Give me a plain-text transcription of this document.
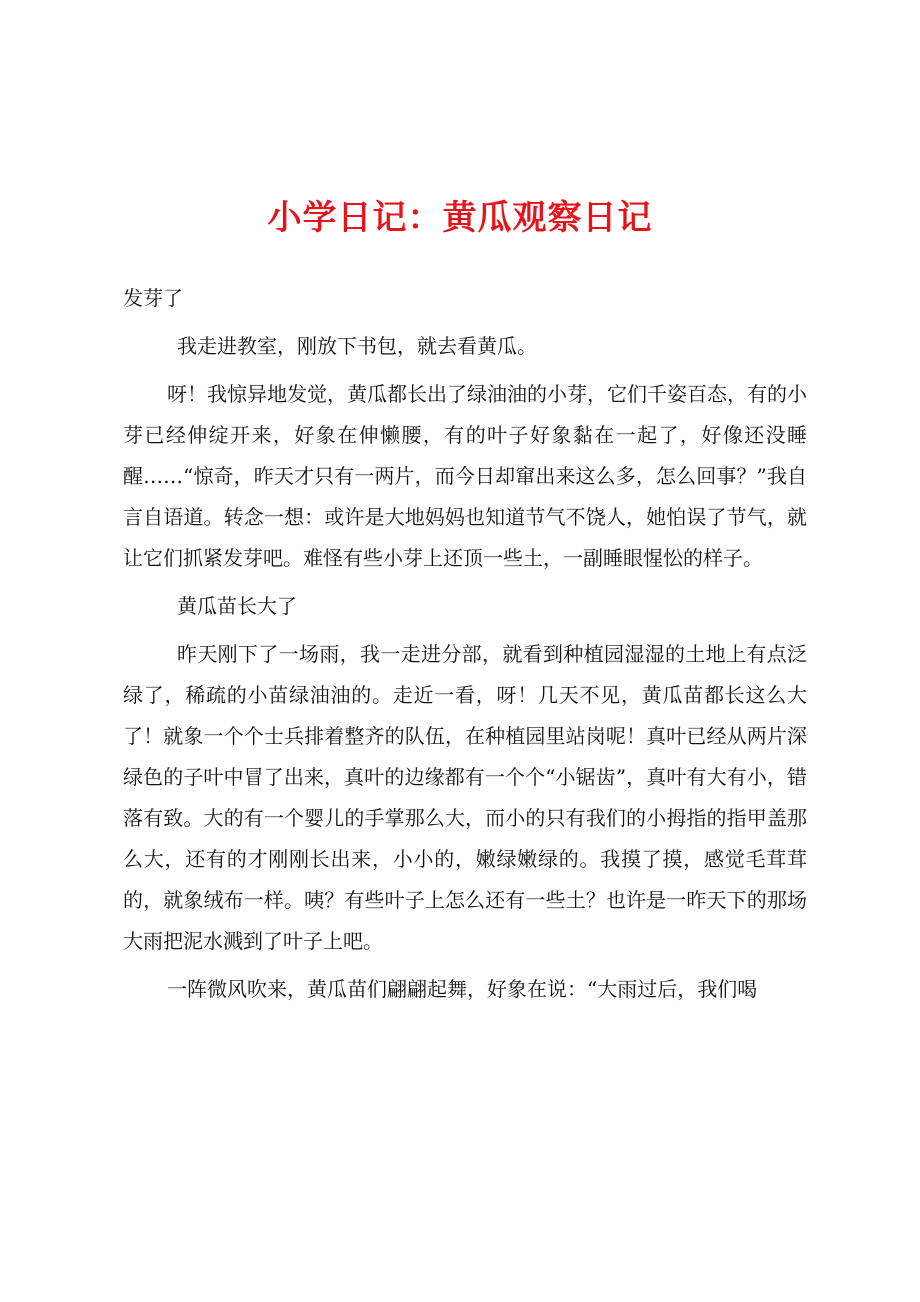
小学日记：黄瓜观察日记

发芽了

我走进教室，刚放下书包，就去看黄瓜。

呀！我惊异地发觉，黄瓜都长出了绿油油的小芽，它们千姿百态，有的小芽已经伸绽开来，好象在伸懒腰，有的叶子好象黏在一起了，好像还没睡醒……“惊奇，昨天才只有一两片，而今日却窜出来这么多，怎么回事？”我自言自语道。转念一想：或许是大地妈妈也知道节气不饶人，她怕误了节气，就让它们抓紧发芽吧。难怪有些小芽上还顶一些土，一副睡眼惺忪的样子。

黄瓜苗长大了

昨天刚下了一场雨，我一走进分部，就看到种植园湿湿的土地上有点泛绿了，稀疏的小苗绿油油的。走近一看，呀！几天不见，黄瓜苗都长这么大了！就象一个个士兵排着整齐的队伍，在种植园里站岗呢！真叶已经从两片深绿色的子叶中冒了出来，真叶的边缘都有一个个“小锯齿”，真叶有大有小，错落有致。大的有一个婴儿的手掌那么大，而小的只有我们的小拇指的指甲盖那么大，还有的才刚刚长出来，小小的，嫩绿嫩绿的。我摸了摸，感觉毛茸茸的，就象绒布一样。咦？有些叶子上怎么还有一些土？也许是一昨天下的那场大雨把泥水溅到了叶子上吧。

一阵微风吹来，黄瓜苗们翩翩起舞，好象在说：“大雨过后，我们喝
